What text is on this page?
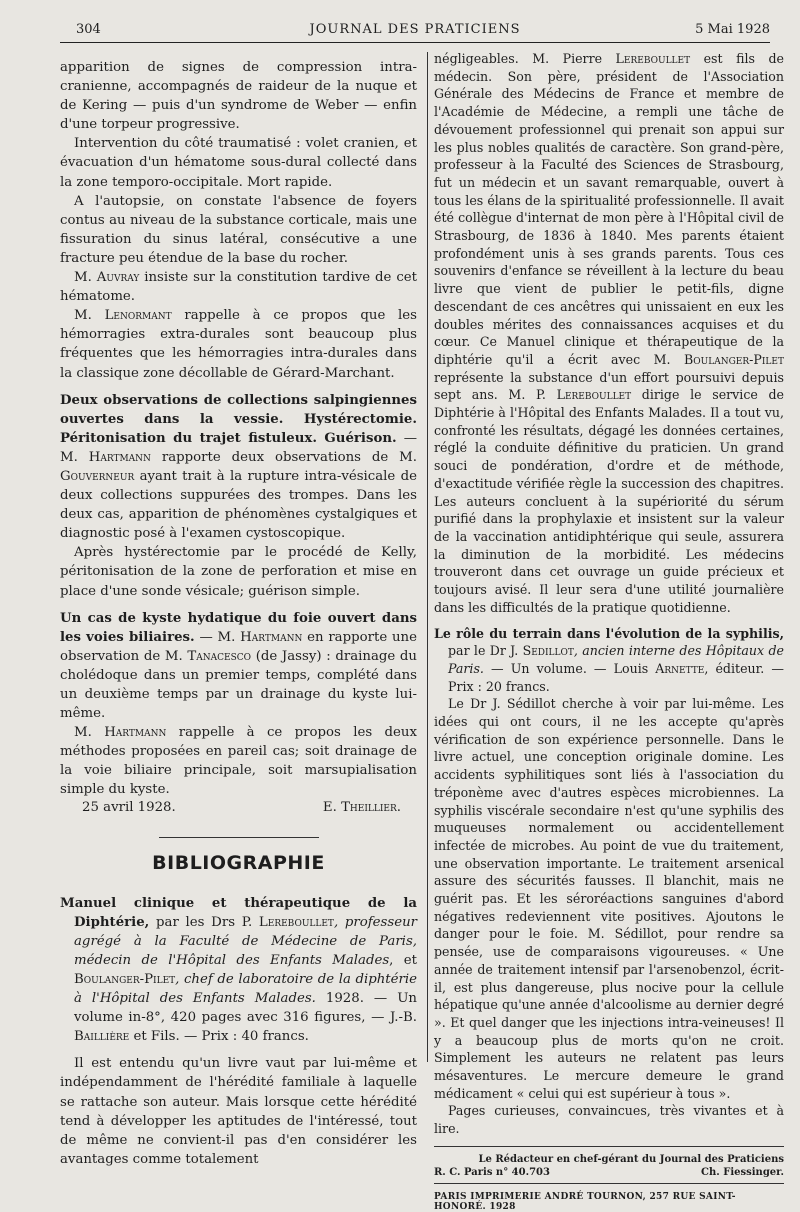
304	JOURNAL DES PRATICIENS	5 Mai 1928

apparition de signes de compression intra-cranienne, accompagnés de raideur de la nuque et de Kering — puis d'un syndrome de Weber — enfin d'une torpeur progressive.

Intervention du côté traumatisé : volet cranien, et évacuation d'un hématome sous-dural collecté dans la zone temporo-occipitale. Mort rapide.

A l'autopsie, on constate l'absence de foyers contus au niveau de la substance corticale, mais une fissuration du sinus latéral, consécutive a une fracture peu étendue de la base du rocher.

M. Auvray insiste sur la constitution tardive de cet hématome.

M. Lenormant rappelle à ce propos que les hémorragies extra-durales sont beaucoup plus fréquentes que les hémorragies intra-durales dans la classique zone décollable de Gérard-Marchant.

Deux observations de collections salpingiennes ouvertes dans la vessie. Hystérectomie. Péritonisation du trajet fistuleux. Guérison. — M. Hartmann rapporte deux observations de M. Gouverneur ayant trait à la rupture intra-vésicale de deux collections suppurées des trompes. Dans les deux cas, apparition de phénomènes cystalgiques et diagnostic posé à l'examen cystoscopique.

Après hystérectomie par le procédé de Kelly, péritonisation de la zone de perforation et mise en place d'une sonde vésicale; guérison simple.

Un cas de kyste hydatique du foie ouvert dans les voies biliaires. — M. Hartmann en rapporte une observation de M. Tanacesco (de Jassy) : drainage du cholédoque dans un premier temps, complété dans un deuxième temps par un drainage du kyste lui-même.

M. Hartmann rappelle à ce propos les deux méthodes proposées en pareil cas; soit drainage de la voie biliaire principale, soit marsupialisation simple du kyste.

25 avril 1928.	E. Theillier.
BIBLIOGRAPHIE

Manuel clinique et thérapeutique de la Diphtérie, par les Drs P. Lereboullet, professeur agrégé à la Faculté de Médecine de Paris, médecin de l'Hôpital des Enfants Malades, et Boulanger-Pilet, chef de laboratoire de la diphtérie à l'Hôpital des Enfants Malades. 1928. — Un volume in-8°, 420 pages avec 316 figures, — J.-B. Baillière et Fils. — Prix : 40 francs.

Il est entendu qu'un livre vaut par lui-même et indépendamment de l'hérédité familiale à laquelle se rattache son auteur. Mais lorsque cette hérédité tend à développer les aptitudes de l'intéressé, tout de même ne convient-il pas d'en considérer les avantages comme totalement

négligeables. M. Pierre Lereboullet est fils de médecin. Son père, président de l'Association Générale des Médecins de France et membre de l'Académie de Médecine, a rempli une tâche de dévouement professionnel qui prenait son appui sur les plus nobles qualités de caractère. Son grand-père, professeur à la Faculté des Sciences de Strasbourg, fut un médecin et un savant remarquable, ouvert à tous les élans de la spiritualité professionnelle. Il avait été collègue d'internat de mon père à l'Hôpital civil de Strasbourg, de 1836 à 1840. Mes parents étaient profondément unis à ses grands parents. Tous ces souvenirs d'enfance se réveillent à la lecture du beau livre que vient de publier le petit-fils, digne descendant de ces ancêtres qui unissaient en eux les doubles mérites des connaissances acquises et du cœur. Ce Manuel clinique et thérapeutique de la diphtérie qu'il a écrit avec M. Boulanger-Pilet représente la substance d'un effort poursuivi depuis sept ans. M. P. Lereboullet dirige le service de Diphtérie à l'Hôpital des Enfants Malades. Il a tout vu, confronté les résultats, dégagé les données certaines, réglé la conduite définitive du praticien. Un grand souci de pondération, d'ordre et de méthode, d'exactitude vérifiée règle la succession des chapitres. Les auteurs concluent à la supériorité du sérum purifié dans la prophylaxie et insistent sur la valeur de la vaccination antidiphtérique qui seule, assurera la diminution de la morbidité. Les médecins trouveront dans cet ouvrage un guide précieux et toujours avisé. Il leur sera d'une utilité journalière dans les difficultés de la pratique quotidienne.

Le rôle du terrain dans l'évolution de la syphilis, par le Dr J. Sedillot, ancien interne des Hôpitaux de Paris. — Un volume. — Louis Arnette, éditeur. — Prix : 20 francs.

Le Dr J. Sédillot cherche à voir par lui-même. Les idées qui ont cours, il ne les accepte qu'après vérification de son expérience personnelle. Dans le livre actuel, une conception originale domine. Les accidents syphilitiques sont liés à l'association du tréponème avec d'autres espèces microbiennes. La syphilis viscérale secondaire n'est qu'une syphilis des muqueuses normalement ou accidentellement infectée de microbes. Au point de vue du traitement, une observation importante. Le traitement arsenical assure des sécurités fausses. Il blanchit, mais ne guérit pas. Et les séroréactions sanguines d'abord négatives redeviennent vite positives. Ajoutons le danger pour le foie. M. Sédillot, pour rendre sa pensée, use de comparaisons vigoureuses. « Une année de traitement intensif par l'arsenobenzol, écrit-il, est plus dangereuse, plus nocive pour la cellule hépatique qu'une année d'alcoolisme au dernier degré ». Et quel danger que les injections intra-veineuses! Il y a beaucoup plus de morts qu'on ne croit. Simplement les auteurs ne relatent pas leurs mésaventures. Le mercure demeure le grand médicament « celui qui est supérieur à tous ».

Pages curieuses, convaincues, très vivantes et à lire.

Le Rédacteur en chef-gérant du Journal des Praticiens
R. C. Paris n° 40.703	Ch. Fiessinger.
PARIS IMPRIMERIE ANDRÉ TOURNON, 257 RUE SAINT-HONORÉ. 1928
